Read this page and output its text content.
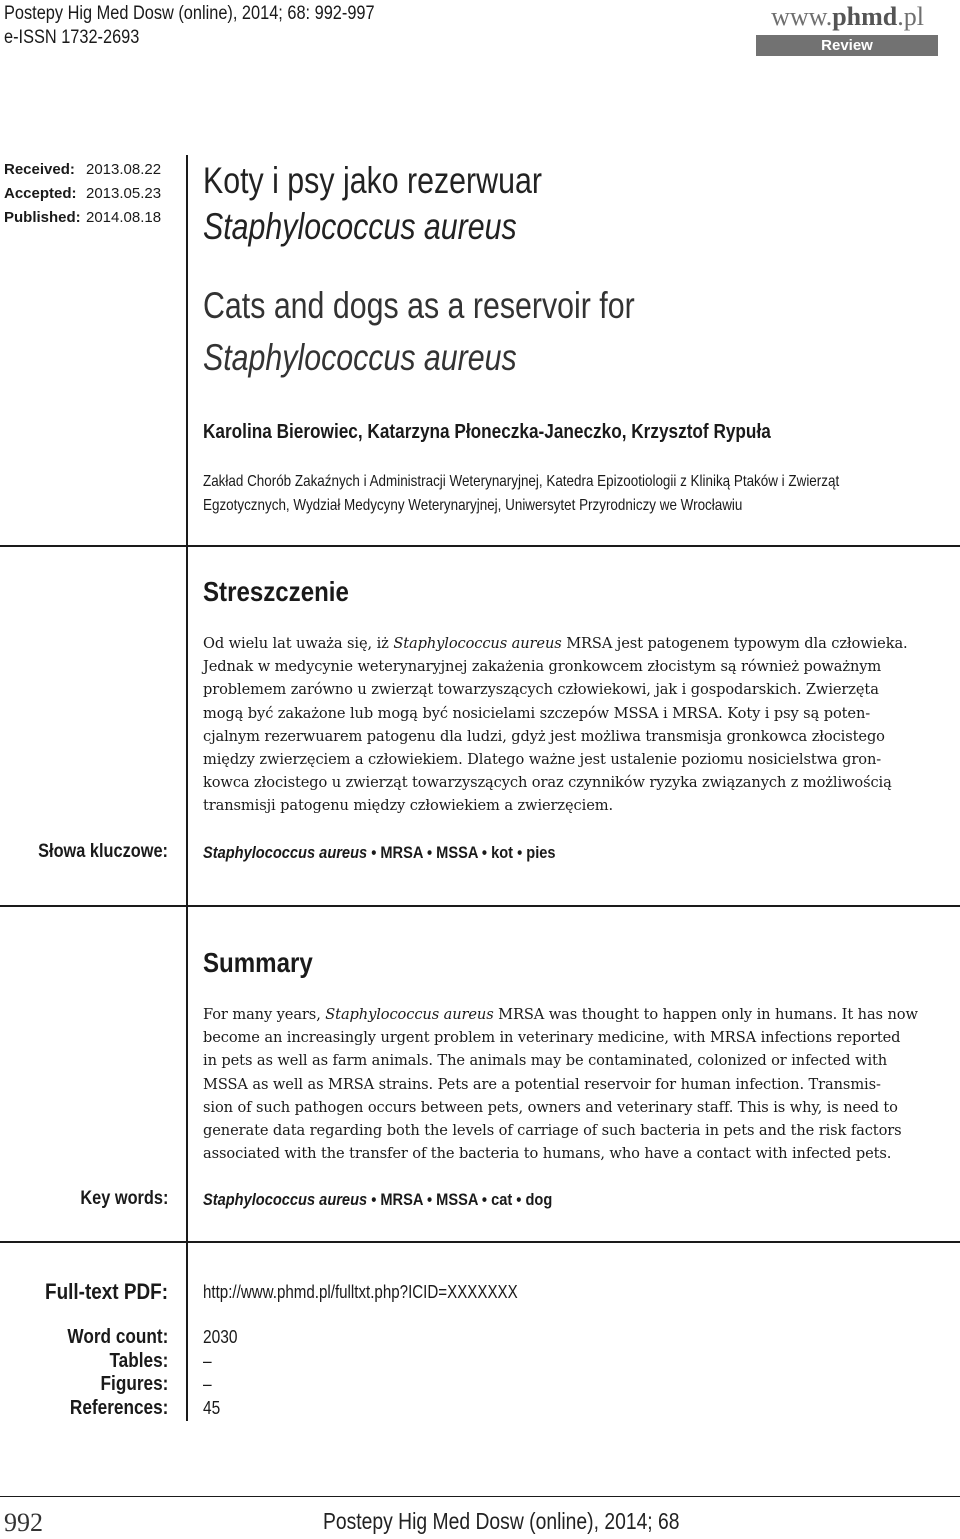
Postepy Hig Med Dosw (online), 2014; 68: 992-997
e-ISSN 1732-2693
www.phmd.pl
Review
Received: 2013.08.22
Accepted: 2013.05.23
Published: 2014.08.18
Koty i psy jako rezerwuar
Staphylococcus aureus
Cats and dogs as a reservoir for
Staphylococcus aureus
Karolina Bierowiec, Katarzyna Płoneczka-Janeczko, Krzysztof Rypuła
Zakład Chorób Zakaźnych i Administracji Weterynaryjnej, Katedra Epizootiologii z Kliniką Ptaków i Zwierząt
Egzotycznych, Wydział Medycyny Weterynaryjnej, Uniwersytet Przyrodniczy we Wrocławiu
Streszczenie
Od wielu lat uważa się, iż Staphylococcus aureus MRSA jest patogenem typowym dla człowieka.
Jednak w medycynie weterynaryjnej zakażenia gronkowcem złocistym są również poważnym
problemem zarówno u zwierząt towarzyszących człowiekowi, jak i gospodarskich. Zwierzęta
mogą być zakażone lub mogą być nosicielami szczepów MSSA i MRSA. Koty i psy są poten-
cjalnym rezerwuarem patogenu dla ludzi, gdyż jest możliwa transmisja gronkowca złocistego
między zwierzęciem a człowiekiem. Dlatego ważne jest ustalenie poziomu nosicielstwa gron-
kowca złocistego u zwierząt towarzyszących oraz czynników ryzyka związanych z możliwością
transmisji patogenu między człowiekiem a zwierzęciem.
Słowa kluczowe: Staphylococcus aureus • MRSA • MSSA • kot • pies
Summary
For many years, Staphylococcus aureus MRSA was thought to happen only in humans. It has now
become an increasingly urgent problem in veterinary medicine, with MRSA infections reported
in pets as well as farm animals. The animals may be contaminated, colonized or infected with
MSSA as well as MRSA strains. Pets are a potential reservoir for human infection. Transmis-
sion of such pathogen occurs between pets, owners and veterinary staff. This is why, is need to
generate data regarding both the levels of carriage of such bacteria in pets and the risk factors
associated with the transfer of the bacteria to humans, who have a contact with infected pets.
Key words: Staphylococcus aureus • MRSA • MSSA • cat • dog
Full-text PDF: http://www.phmd.pl/fulltxt.php?ICID=XXXXXXX
Word count:
Tables:
Figures:
References:
2030
–
–
45
992	Postepy Hig Med Dosw (online), 2014; 68
